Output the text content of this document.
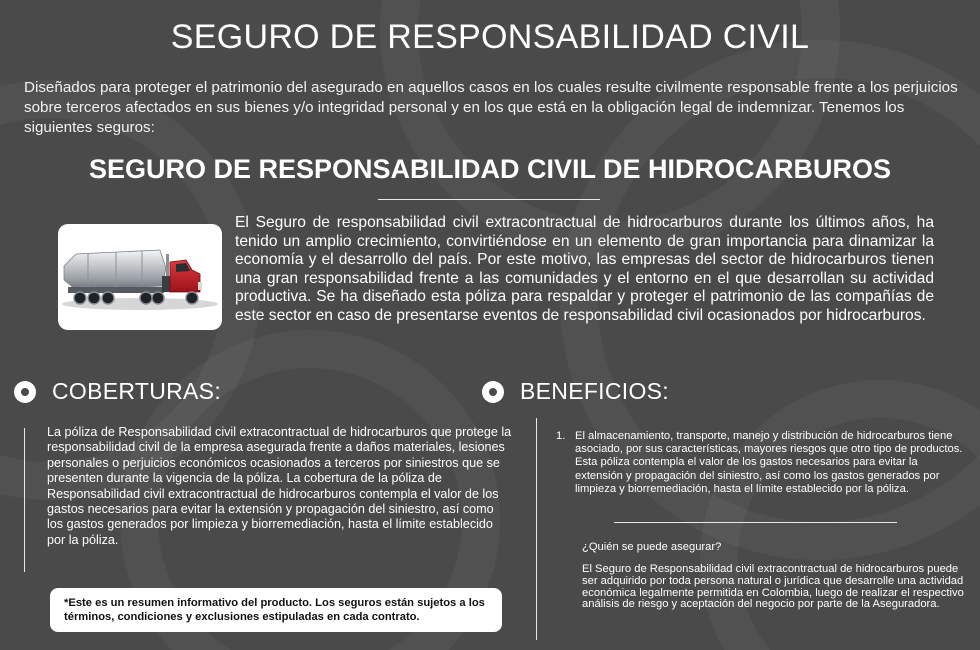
SEGURO DE RESPONSABILIDAD CIVIL

Diseñados para proteger el patrimonio del asegurado en aquellos casos en los cuales resulte civilmente responsable frente a los perjuicios sobre terceros afectados en sus bienes y/o integridad personal y en los que está en la obligación legal de indemnizar. Tenemos los siguientes seguros:

SEGURO DE RESPONSABILIDAD CIVIL DE HIDROCARBUROS

El Seguro de responsabilidad civil extracontractual de hidrocarburos durante los últimos años, ha tenido un amplio crecimiento, convirtiéndose en un elemento de gran importancia para dinamizar la economía y el desarrollo del país. Por este motivo, las empresas del sector de hidrocarburos tienen una gran responsabilidad frente a las comunidades y el entorno en el que desarrollan su actividad productiva. Se ha diseñado esta póliza para respaldar y proteger el patrimonio de las compañías de este sector en caso de presentarse eventos de responsabilidad civil ocasionados por hidrocarburos.

COBERTURAS:

La póliza de Responsabilidad civil extracontractual de hidrocarburos que protege la responsabilidad civil de la empresa asegurada frente a daños materiales, lesiones personales o perjuicios económicos ocasionados a terceros por siniestros que se presenten durante la vigencia de la póliza. La cobertura de la póliza de Responsabilidad civil extracontractual de hidrocarburos contempla el valor de los gastos necesarios para evitar la extensión y propagación del siniestro, así como los gastos generados por limpieza y biorremediación, hasta el límite establecido por la póliza.

*Este es un resumen informativo del producto. Los seguros están sujetos a los términos, condiciones y exclusiones estipuladas en cada contrato.
BENEFICIOS:
1. El almacenamiento, transporte, manejo y distribución de hidrocarburos tiene asociado, por sus características, mayores riesgos que otro tipo de productos. Esta póliza contempla el valor de los gastos necesarios para evitar la extensión y propagación del siniestro, así como los gastos generados por limpieza y biorremediación, hasta el límite establecido por la póliza.

¿Quién se puede asegurar?

El Seguro de Responsabilidad civil extracontractual de hidrocarburos puede ser adquirido por toda persona natural o jurídica que desarrolle una actividad económica legalmente permitida en Colombia, luego de realizar el respectivo análisis de riesgo y aceptación del negocio por parte de la Aseguradora.
